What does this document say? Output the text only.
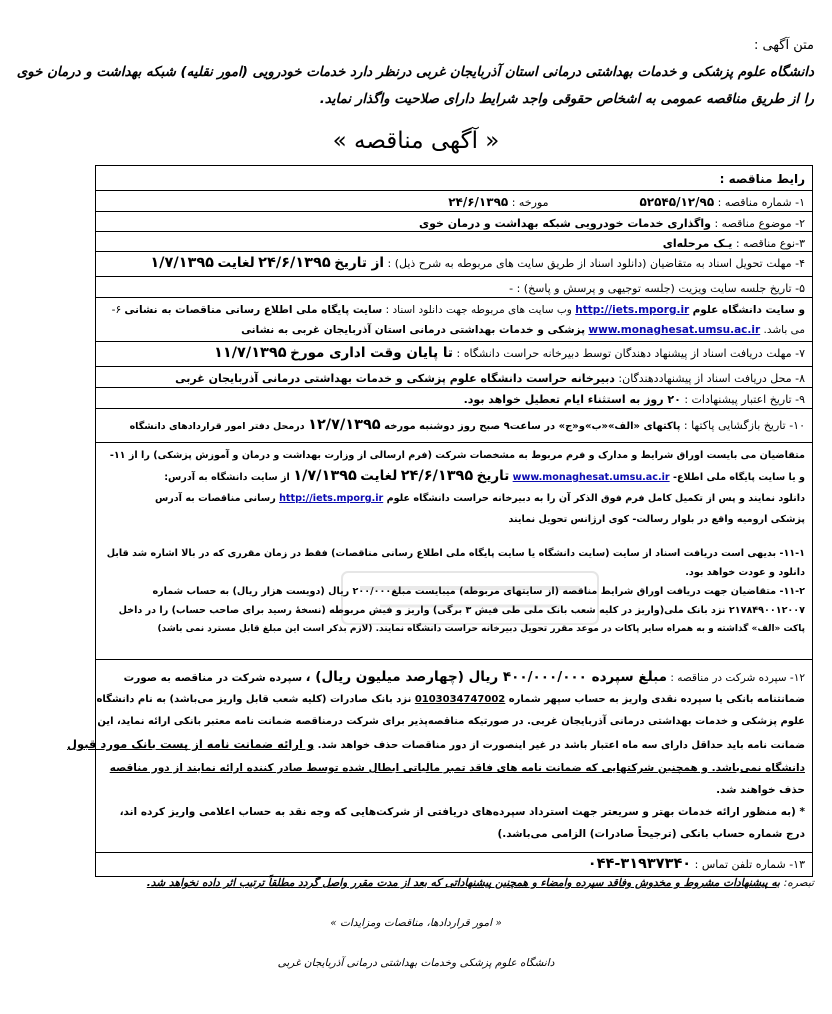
متن آگهی :
دانشگاه علوم پزشکی و خدمات بهداشتی درمانی استان آذربایجان غربی درنظر دارد خدمات خودرویی (امور نقلیه) شبکه بهداشت و درمان خوی را از طریق مناقصه عمومی به اشخاص حقوقی واجد شرایط دارای صلاحیت واگذار نماید.
« آگهی مناقصه »
رایط مناقصه :
۱- شماره مناقصه : ۵۲۵۴۵/۱۲/۹۵                          مورخه : ۲۴/۶/۱۳۹۵
۲- موضوع مناقصه : واگذاری خدمات خودرویی شبکه بهداشت و درمان خوی
۳-نوع مناقصه : یـک مرحله‌ای
۴- مهلت تحویل اسناد به متقاضیان (دانلود اسناد از طریق سایت های مربوطه به شرح ذیل) : از تاریخ ۲۴/۶/۱۳۹۵ لغایت ۱/۷/۱۳۹۵
۵- تاریخ جلسه سایت ویزیت (جلسه توجیهی و پرسش و پاسخ) : -
و سایت دانشگاه علوم http://iets.mporg.ir وب سایت های مربوطه جهت دانلود اسناد : سایت پایگاه ملی اطلاع رسانی مناقصات به نشانی ۶-
می باشد. www.monaghesat.umsu.ac.ir پزشکی و خدمات بهداشتی درمانی استان آذربایجان غربی به نشانی
۷- مهلت دریافت اسناد از پیشنهاد دهندگان توسط دبیرخانه حراست دانشگاه : تا پایان وقت اداری مورخ ۱۱/۷/۱۳۹۵
۸- محل دریافت اسناد از پیشنهاددهندگان: دبیرخانه حراست دانشگاه علوم پزشکی و خدمات بهداشتی درمانی آذربایجان غربی
۹- تاریخ اعتبار پیشنهادات : ۲۰ روز به استثناء ایام تعطیل خواهد بود.
۱۰- تاریخ بازگشایی پاکتها : پاکتهای «الف»«ب»و«ج» در ساعت۹ صبح روز دوشنبه مورخه ۱۲/۷/۱۳۹۵ درمحل دفتر امور قراردادهای دانشگاه
متقاضیان می بایست اوراق شرایط و مدارک و فرم مربوط به مشخصات شرکت (فرم ارسالی از وزارت بهداشت و درمان و آموزش پزشکی) را از ۱۱-
و یا سایت پایگاه ملی اطلاع- www.monaghesat.umsu.ac.ir تاریخ ۲۴/۶/۱۳۹۵ لغایت ۱/۷/۱۳۹۵ از سایت دانشگاه به آدرس:
دانلود نمایند و پس از تکمیل کامل فرم فوق الذکر آن را به دبیرخانه حراست دانشگاه علوم http://iets.mporg.ir رسانی مناقصات به آدرس
پزشکی ارومیه واقع در بلوار رسالت- کوی ارژانس تحویل نمایند
۱۱-۱- بدیهی است دریافت اسناد از سایت (سایت دانشگاه یا سایت پایگاه ملی اطلاع رسانی مناقصات) فقط در زمان مقرری که در بالا اشاره شد قابل
دانلود و عودت خواهد بود.
۱۱-۲- متقاضیان جهت دریافت اوراق شرایط مناقصه (از سایتهای مربوطه) میبایست مبلغ۲۰۰/۰۰۰ ریال (دویست هزار ریال) به حساب شماره
۲۱۷۸۴۹۰۰۱۲۰۰۷ نزد بانک ملی(واریز در کلیه شعب بانک ملی طی فیش ۳ برگی) واریز و فیش مربوطه (نسخۀ رسید برای صاحب حساب) را در داخل
پاکت «الف» گذاشته و به همراه سایر پاکات در موعد مقرر تحویل دبیرخانه حراست دانشگاه نمایند. (لازم بذکر است این مبلغ قابل مسترد نمی باشد)
۱۲- سپرده شرکت در مناقصه : مبلغ سپرده ۴۰۰/۰۰۰/۰۰۰ ریال (چهارصد میلیون ریال) ، سپرده شرکت در مناقصه به صورت
ضمانتنامه بانکی یا سپرده نقدی واریز به حساب سپهر شماره 0103034747002 نزد بانک صادرات (کلیه شعب قابل واریز می‌باشد) به نام دانشگاه
علوم پزشکی و خدمات بهداشتی درمانی آذربایجان غربی. در صورتیکه مناقصه‌پذیر برای شرکت درمناقصه ضمانت نامه معتبر بانکی ارائه نماید، این
ضمانت نامه باید حداقل دارای سه ماه اعتبار باشد در غیر اینصورت از دور مناقصات حذف خواهد شد. و ارائه ضمانت نامه از پست بانک مورد قبول
دانشگاه نمی‌باشد. و همچنین شرکتهایی که ضمانت نامه های فاقد تمبر مالیاتی ابطال شده توسط صادر کننده ارائه نمایند از دور مناقصه
حذف خواهند شد.
* (به منظور ارائه خدمات بهتر و سریعتر جهت استرداد سپرده‌های دریافتی از شرکت‌هایی که وجه نقد به حساب اعلامی واریز کرده اند،
درج شماره حساب بانکی (ترجیحاً صادرات) الزامی می‌باشد.)
۱۳- شماره تلفن تماس : ۰۴۴-۳۱۹۳۷۳۴۰
تبصره: به پیشنهادات مشروط و مخدوش وفاقد سپرده وامضاء و همچنین پیشنهاداتی که بعد از مدت مقرر واصل گردد مطلقاً ترتیب اثر داده نخواهد شد.
« امور قراردادها، مناقصات ومزایدات »
دانشگاه علوم پزشکی وخدمات بهداشتی درمانی آذربایجان غربی
